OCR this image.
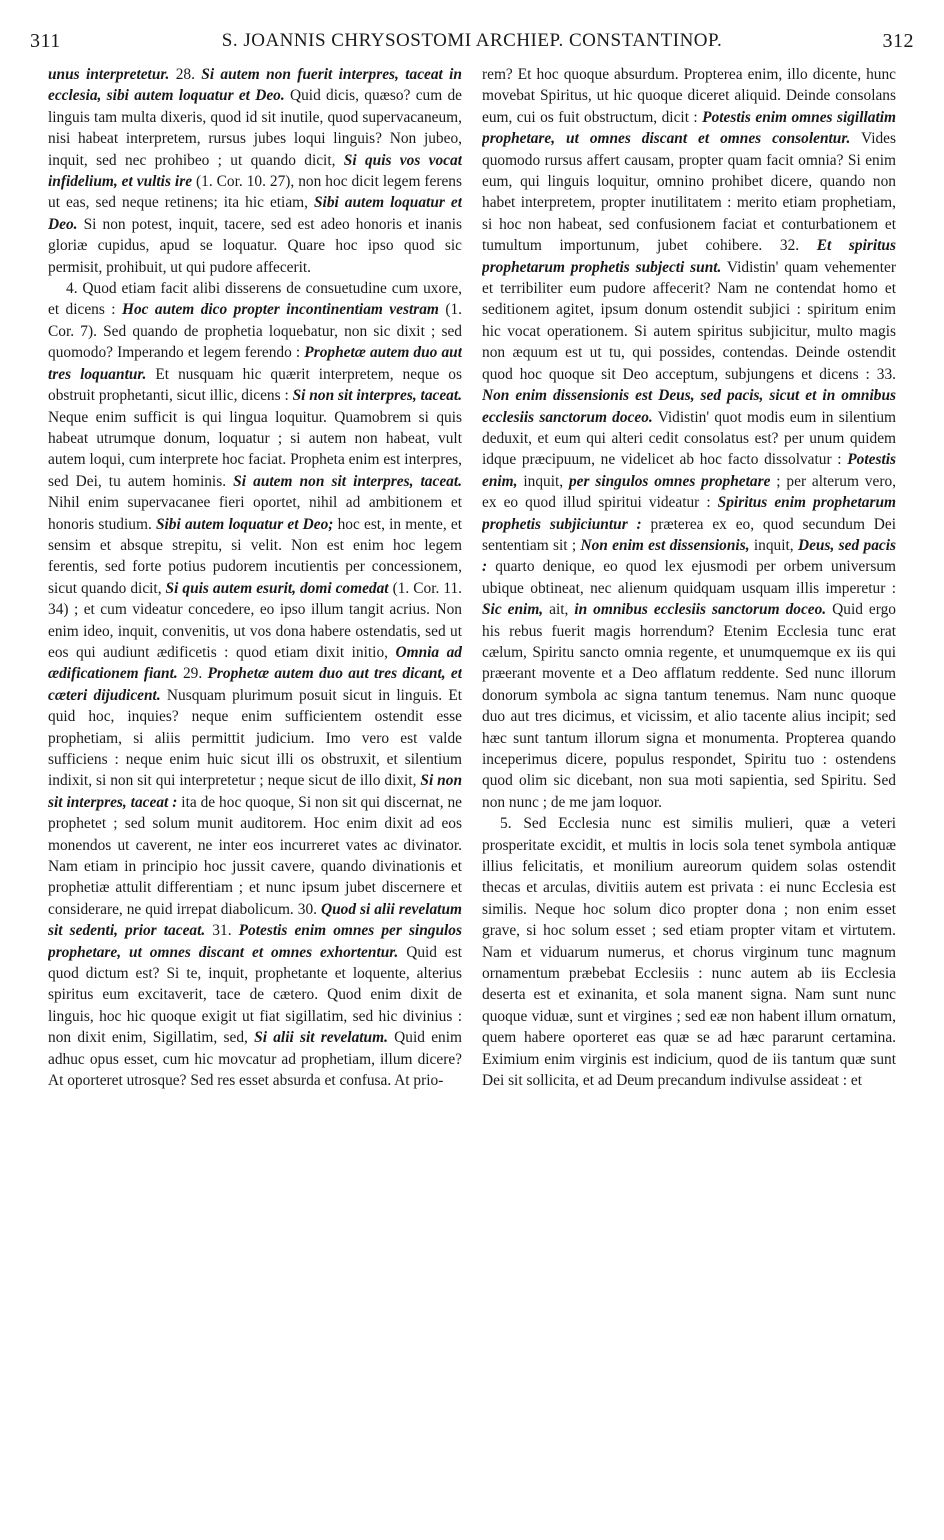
311	S. JOANNIS CHRYSOSTOMI ARCHIEP. CONSTANTINOP.	312

unus interpretetur. 28. Si autem non fuerit interpres, taceat in ecclesia, sibi autem loquatur et Deo. Quid dicis, quæso? cum de linguis tam multa dixeris, quod id sit inutile, quod supervacaneum, nisi habeat interpretem, rursus jubes loqui linguis? Non jubeo, inquit, sed nec prohibeo ; ut quando dicit, Si quis vos vocat infidelium, et vultis ire (1. Cor. 10. 27), non hoc dicit legem ferens ut eas, sed neque retinens; ita hic etiam, Sibi autem loquatur et Deo. Si non potest, inquit, tacere, sed est adeo honoris et inanis gloriæ cupidus, apud se loquatur. Quare hoc ipso quod sic permisit, prohibuit, ut qui pudore affecerit.

4. Quod etiam facit alibi disserens de consuetudine cum uxore, et dicens : Hoc autem dico propter incontinentiam vestram (1. Cor. 7). Sed quando de prophetia loquebatur, non sic dixit ; sed quomodo? Imperando et legem ferendo : Prophetæ autem duo aut tres loquantur. Et nusquam hic quærit interpretem, neque os obstruit prophetanti, sicut illic, dicens : Si non sit interpres, taceat. Neque enim sufficit is qui lingua loquitur. Quamobrem si quis habeat utrumque donum, loquatur ; si autem non habeat, vult autem loqui, cum interprete hoc faciat. Propheta enim est interpres, sed Dei, tu autem hominis. Si autem non sit interpres, taceat. Nihil enim supervacanee fieri oportet, nihil ad ambitionem et honoris studium. Sibi autem loquatur et Deo; hoc est, in mente, et sensim et absque strepitu, si velit. Non est enim hoc legem ferentis, sed forte potius pudorem incutientis per concessionem, sicut quando dicit, Si quis autem esurit, domi comedat (1. Cor. 11. 34) ; et cum videatur concedere, eo ipso illum tangit acrius. Non enim ideo, inquit, convenitis, ut vos dona habere ostendatis, sed ut eos qui audiunt ædificetis : quod etiam dixit initio, Omnia ad ædificationem fiant. 29. Prophetæ autem duo aut tres dicant, et cæteri dijudicent. Nusquam plurimum posuit sicut in linguis. Et quid hoc, inquies? neque enim sufficientem ostendit esse prophetiam, si aliis permittit judicium. Imo vero est valde sufficiens : neque enim huic sicut illi os obstruxit, et silentium indixit, si non sit qui interpretetur ; neque sicut de illo dixit, Si non sit interpres, taceat : ita de hoc quoque, Si non sit qui discernat, ne prophetet ; sed solum munit auditorem. Hoc enim dixit ad eos monendos ut caverent, ne inter eos incurreret vates ac divinator. Nam etiam in principio hoc jussit cavere, quando divinationis et prophetiæ attulit differentiam ; et nunc ipsum jubet discernere et considerare, ne quid irrepat diabolicum. 30. Quod si alii revelatum sit sedenti, prior taceat. 31. Potestis enim omnes per singulos prophetare, ut omnes discant et omnes exhortentur. Quid est quod dictum est? Si te, inquit, prophetante et loquente, alterius spiritus eum excitaverit, tace de cætero. Quod enim dixit de linguis, hoc hic quoque exigit ut fiat sigillatim, sed hic divinius : non dixit enim, Sigillatim, sed, Si alii sit revelatum. Quid enim adhuc opus esset, cum hic movcatur ad prophetiam, illum dicere? At oporteret utrosque? Sed res esset absurda et confusa. At prio-

rem? Et hoc quoque absurdum. Propterea enim, illo dicente, hunc movebat Spiritus, ut hic quoque diceret aliquid. Deinde consolans eum, cui os fuit obstructum, dicit : Potestis enim omnes sigillatim prophetare, ut omnes discant et omnes consolentur. Vides quomodo rursus affert causam, propter quam facit omnia? Si enim eum, qui linguis loquitur, omnino prohibet dicere, quando non habet interpretem, propter inutilitatem : merito etiam prophetiam, si hoc non habeat, sed confusionem faciat et conturbationem et tumultum importunum, jubet cohibere. 32. Et spiritus prophetarum prophetis subjecti sunt. Vidistin' quam vehementer et terribiliter eum pudore affecerit? Nam ne contendat homo et seditionem agitet, ipsum donum ostendit subjici : spiritum enim hic vocat operationem. Si autem spiritus subjicitur, multo magis non æquum est ut tu, qui possides, contendas. Deinde ostendit quod hoc quoque sit Deo acceptum, subjungens et dicens : 33. Non enim dissensionis est Deus, sed pacis, sicut et in omnibus ecclesiis sanctorum doceo. Vidistin' quot modis eum in silentium deduxit, et eum qui alteri cedit consolatus est? per unum quidem idque præcipuum, ne videlicet ab hoc facto dissolvatur : Potestis enim, inquit, per singulos omnes prophetare ; per alterum vero, ex eo quod illud spiritui videatur : Spiritus enim prophetarum prophetis subjiciuntur : præterea ex eo, quod secundum Dei sententiam sit ; Non enim est dissensionis, inquit, Deus, sed pacis : quarto denique, eo quod lex ejusmodi per orbem universum ubique obtineat, nec alienum quidquam usquam illis imperetur : Sic enim, ait, in omnibus ecclesiis sanctorum doceo. Quid ergo his rebus fuerit magis horrendum? Etenim Ecclesia tunc erat cælum, Spiritu sancto omnia regente, et unumquemque ex iis qui præerant movente et a Deo afflatum reddente. Sed nunc illorum donorum symbola ac signa tantum tenemus. Nam nunc quoque duo aut tres dicimus, et vicissim, et alio tacente alius incipit; sed hæc sunt tantum illorum signa et monumenta. Propterea quando inceperimus dicere, populus respondet, Spiritu tuo : ostendens quod olim sic dicebant, non sua moti sapientia, sed Spiritu. Sed non nunc ; de me jam loquor.

5. Sed Ecclesia nunc est similis mulieri, quæ a veteri prosperitate excidit, et multis in locis sola tenet symbola antiquæ illius felicitatis, et monilium aureorum quidem solas ostendit thecas et arculas, divitiis autem est privata : ei nunc Ecclesia est similis. Neque hoc solum dico propter dona ; non enim esset grave, si hoc solum esset ; sed etiam propter vitam et virtutem. Nam et viduarum numerus, et chorus virginum tunc magnum ornamentum præbebat Ecclesiis : nunc autem ab iis Ecclesia deserta est et exinanita, et sola manent signa. Nam sunt nunc quoque viduæ, sunt et virgines ; sed eæ non habent illum ornatum, quem habere oporteret eas quæ se ad hæc pararunt certamina. Eximium enim virginis est indicium, quod de iis tantum quæ sunt Dei sit sollicita, et ad Deum precandum indivulse assideat : et
